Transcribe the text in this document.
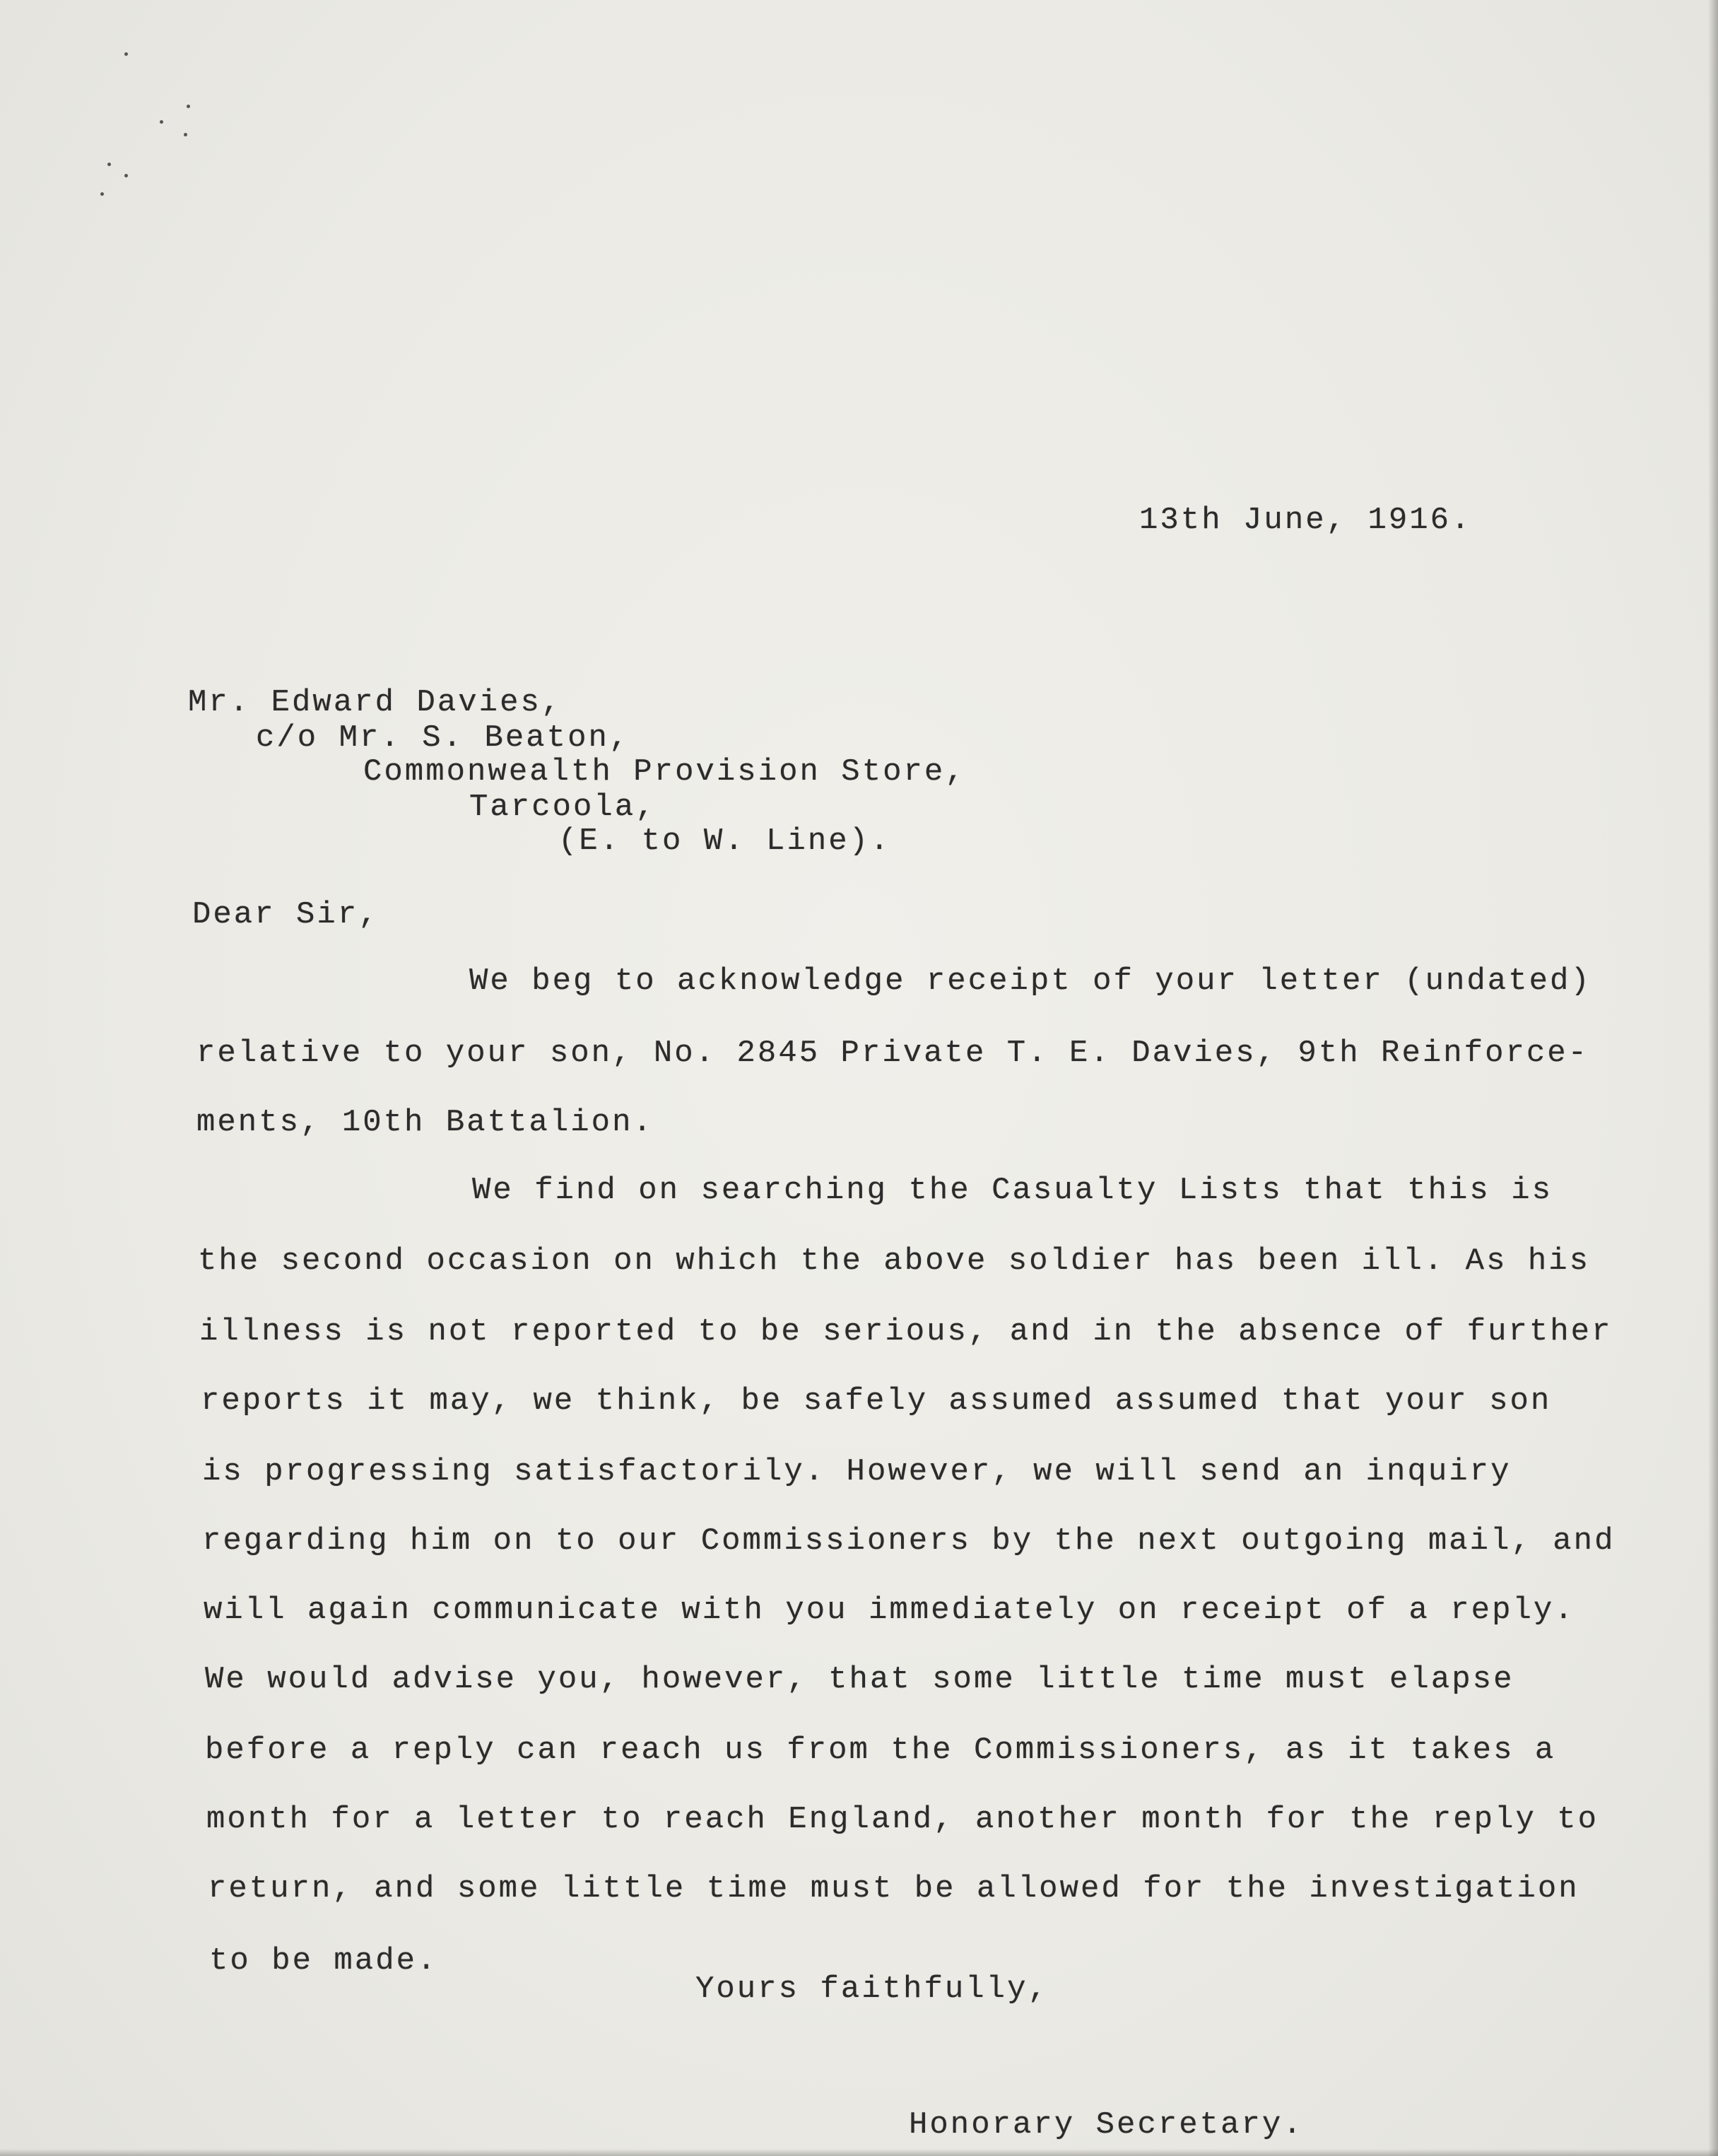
13th June, 1916.
Mr. Edward Davies,
c/o Mr. S. Beaton,
Commonwealth Provision Store,
Tarcoola,
(E. to W. Line).
Dear Sir,
We beg to acknowledge receipt of your letter (undated)
relative to your son, No. 2845 Private T. E. Davies, 9th Reinforce-
ments, 10th Battalion.
We find on searching the Casualty Lists that this is
the second occasion on which the above soldier has been ill. As his
illness is not reported to be serious, and in the absence of further
reports it may, we think, be safely assumed assumed that your son
is progressing satisfactorily. However, we will send an inquiry
regarding him on to our Commissioners by the next outgoing mail, and
will again communicate with you immediately on receipt of a reply.
We would advise you, however, that some little time must elapse
before a reply can reach us from the Commissioners, as it takes a
month for a letter to reach England, another month for the reply to
return, and some little time must be allowed for the investigation
to be made.
Yours faithfully,
Honorary Secretary.
